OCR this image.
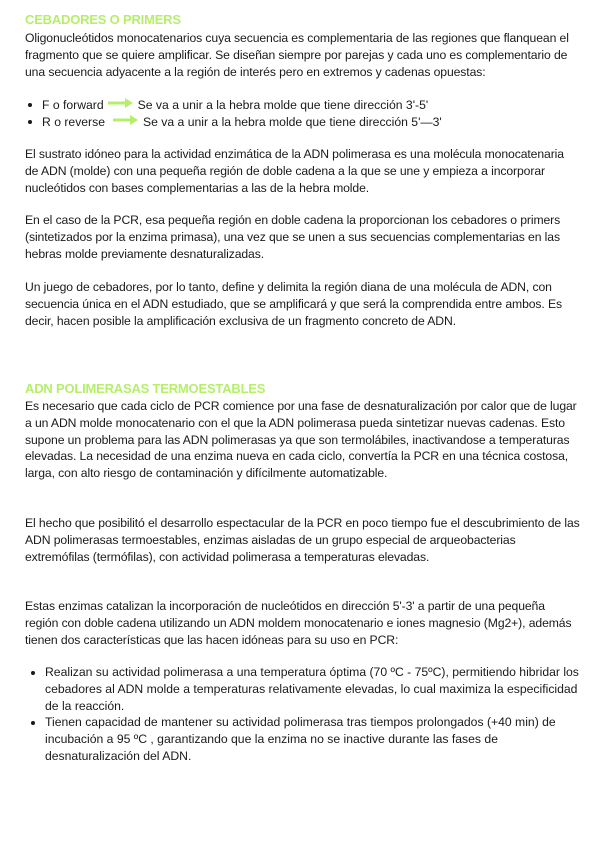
CEBADORES O PRIMERS

Oligonucleótidos monocatenarios cuya secuencia es complementaria de las regiones que flanquean el fragmento que se quiere amplificar. Se diseñan siempre por parejas y cada uno es complementario de una secuencia adyacente a la región de interés pero en extremos y cadenas opuestas:

F o forward	Se va a unir a la hebra molde que tiene dirección 3'-5'
R o reverse	Se va a unir a la hebra molde que tiene dirección 5'—3'

El sustrato idóneo para la actividad enzimática de la ADN polimerasa es una molécula monocatenaria de ADN (molde) con una pequeña región de doble cadena a la que se une y empieza a incorporar nucleótidos con bases complementarias a las de la hebra molde.

En el caso de la PCR, esa pequeña región en doble cadena la proporcionan los cebadores o primers (sintetizados por la enzima primasa), una vez que se unen a sus secuencias complementarias en las hebras molde previamente desnaturalizadas.

Un juego de cebadores, por lo tanto, define y delimita la región diana de una molécula de ADN, con secuencia única en el ADN estudiado, que se amplificará y que será la comprendida entre ambos. Es decir, hacen posible la amplificación exclusiva de un fragmento concreto de ADN.

ADN POLIMERASAS TERMOESTABLES

Es necesario que cada ciclo de PCR comience por una fase de desnaturalización por calor que de lugar a un ADN molde monocatenario con el que la ADN polimerasa pueda sintetizar nuevas cadenas. Esto supone un problema para las ADN polimerasas ya que son termolábiles, inactivandose a temperaturas elevadas. La necesidad de una enzima nueva en cada ciclo, convertía la PCR en una técnica costosa, larga, con alto riesgo de contaminación y difícilmente automatizable.

El hecho que posibilitó el desarrollo espectacular de la PCR en poco tiempo fue el descubrimiento de las ADN polimerasas termoestables, enzimas aisladas de un grupo especial de arqueobacterias extremófilas (termófilas), con actividad polimerasa a temperaturas elevadas.

Estas enzimas catalizan la incorporación de nucleótidos en dirección 5'-3' a partir de una pequeña región con doble cadena utilizando un ADN moldem monocatenario e iones magnesio (Mg2+), además tienen dos características que las hacen idóneas para su uso en PCR:

Realizan su actividad polimerasa a una temperatura óptima (70 ºC - 75ºC), permitiendo hibridar los cebadores al ADN molde a temperaturas relativamente elevadas, lo cual maximiza la especificidad de la reacción.
Tienen capacidad de mantener su actividad polimerasa tras tiempos prolongados (+40 min) de incubación a 95 ºC , garantizando que la enzima no se inactive durante las fases de desnaturalización del ADN.
